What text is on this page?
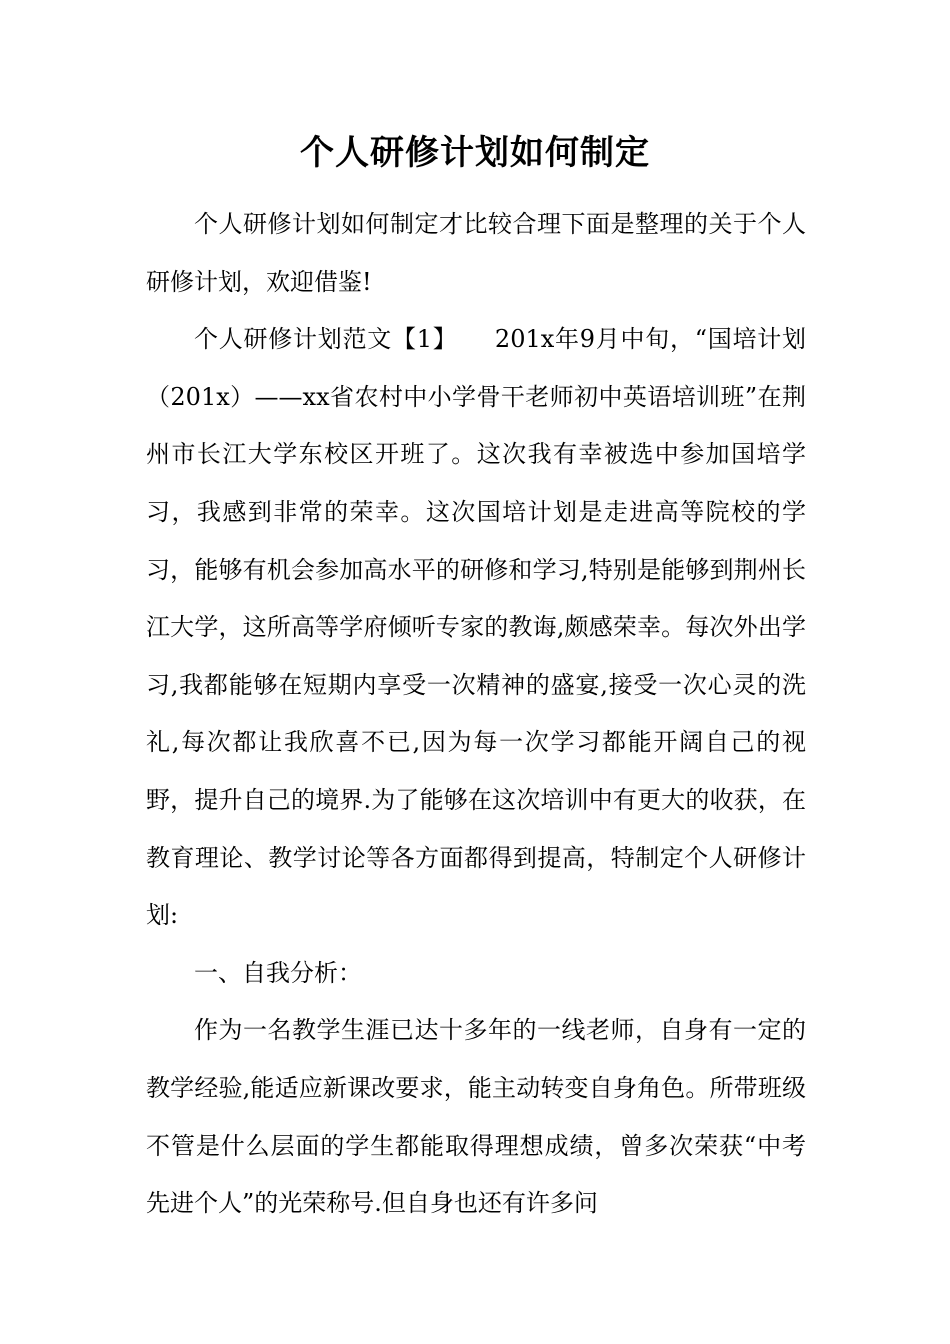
个人研修计划如何制定

个人研修计划如何制定才比较合理下面是整理的关于个人研修计划，欢迎借鉴!

个人研修计划范文【1】　　201x年9月中旬，“国培计划（201x）——xx省农村中小学骨干老师初中英语培训班”在荆州市长江大学东校区开班了。这次我有幸被选中参加国培学习，我感到非常的荣幸。这次国培计划是走进高等院校的学习，能够有机会参加高水平的研修和学习,特别是能够到荆州长江大学，这所高等学府倾听专家的教诲,颇感荣幸。每次外出学习,我都能够在短期内享受一次精神的盛宴,接受一次心灵的洗礼,每次都让我欣喜不已,因为每一次学习都能开阔自己的视野，提升自己的境界.为了能够在这次培训中有更大的收获，在教育理论、教学讨论等各方面都得到提高，特制定个人研修计划:

一、自我分析：

作为一名教学生涯已达十多年的一线老师，自身有一定的教学经验,能适应新课改要求，能主动转变自身角色。所带班级不管是什么层面的学生都能取得理想成绩，曾多次荣获“中考先进个人”的光荣称号.但自身也还有许多问
